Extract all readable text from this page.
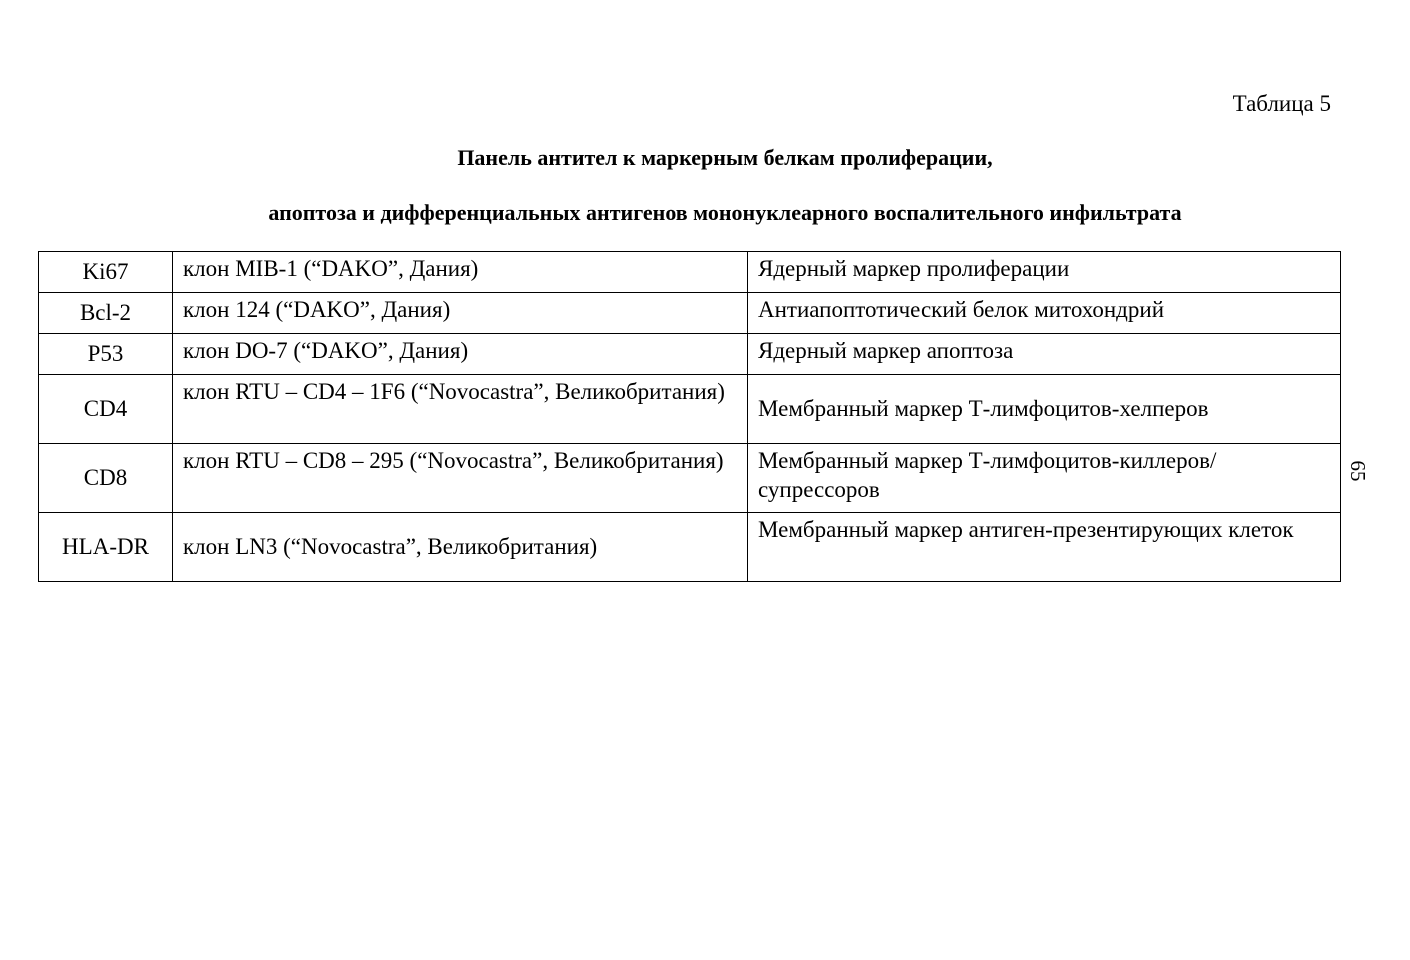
Таблица 5
Панель антител к маркерным белкам пролиферации,
апоптоза и дифференциальных антигенов мононуклеарного воспалительного инфильтрата
Ki67	клон MIB-1 (“DAKO”, Дания)	Ядерный маркер пролиферации
Bcl-2	клон 124 (“DAKO”, Дания)	Антиапоптотический белок митохондрий
P53	клон DO-7 (“DAKO”, Дания)	Ядерный маркер апоптоза
CD4	клон RTU – CD4 – 1F6 (“Novocastra”, Великобритания)	Мембранный маркер Т-лимфоцитов-хелперов
CD8	клон RTU – CD8 – 295 (“Novocastra”, Великобритания)	Мембранный маркер Т-лимфоцитов-киллеров/супрессоров
HLA-DR	клон LN3 (“Novocastra”, Великобритания)	Мембранный маркер антиген-презентирующих клеток
65
